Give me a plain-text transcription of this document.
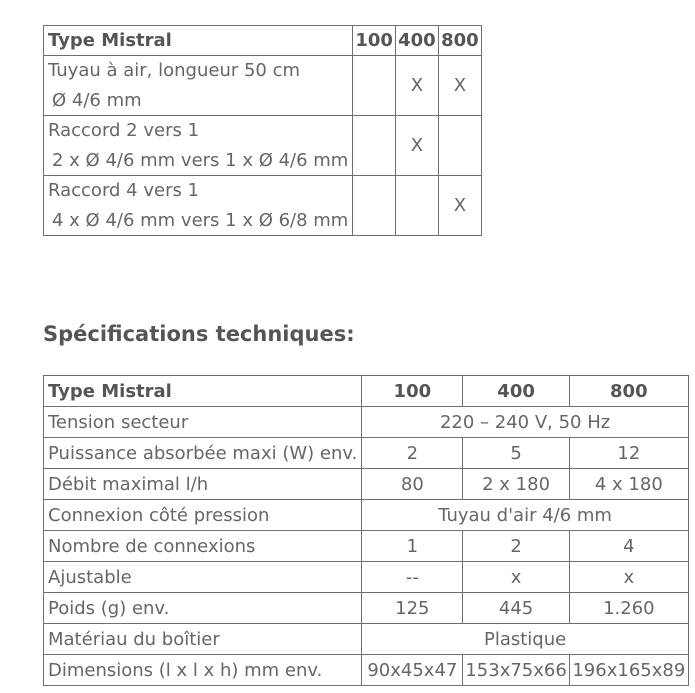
Type Mistral	100	400	800

Tuyau à air, longueur 50 cm
Ø 4/6 mm		X	X

Raccord 2 vers 1
2 x Ø 4/6 mm vers 1 x Ø 4/6 mm		X	

Raccord 4 vers 1
4 x Ø 4/6 mm vers 1 x Ø 6/8 mm			X
Spécifications techniques:
Type Mistral	100	400	800
Tension secteur	220 – 240 V, 50 Hz		
Puissance absorbée maxi (W) env.	2	5	12
Débit maximal l/h	80	2 x 180	4 x 180
Connexion côté pression	Tuyau d'air 4/6 mm		
Nombre de connexions	1	2	4
Ajustable	--	x	x
Poids (g) env.	125	445	1.260
Matériau du boîtier	Plastique		
Dimensions (l x l x h) mm env.	90x45x47	153x75x66	196x165x89
